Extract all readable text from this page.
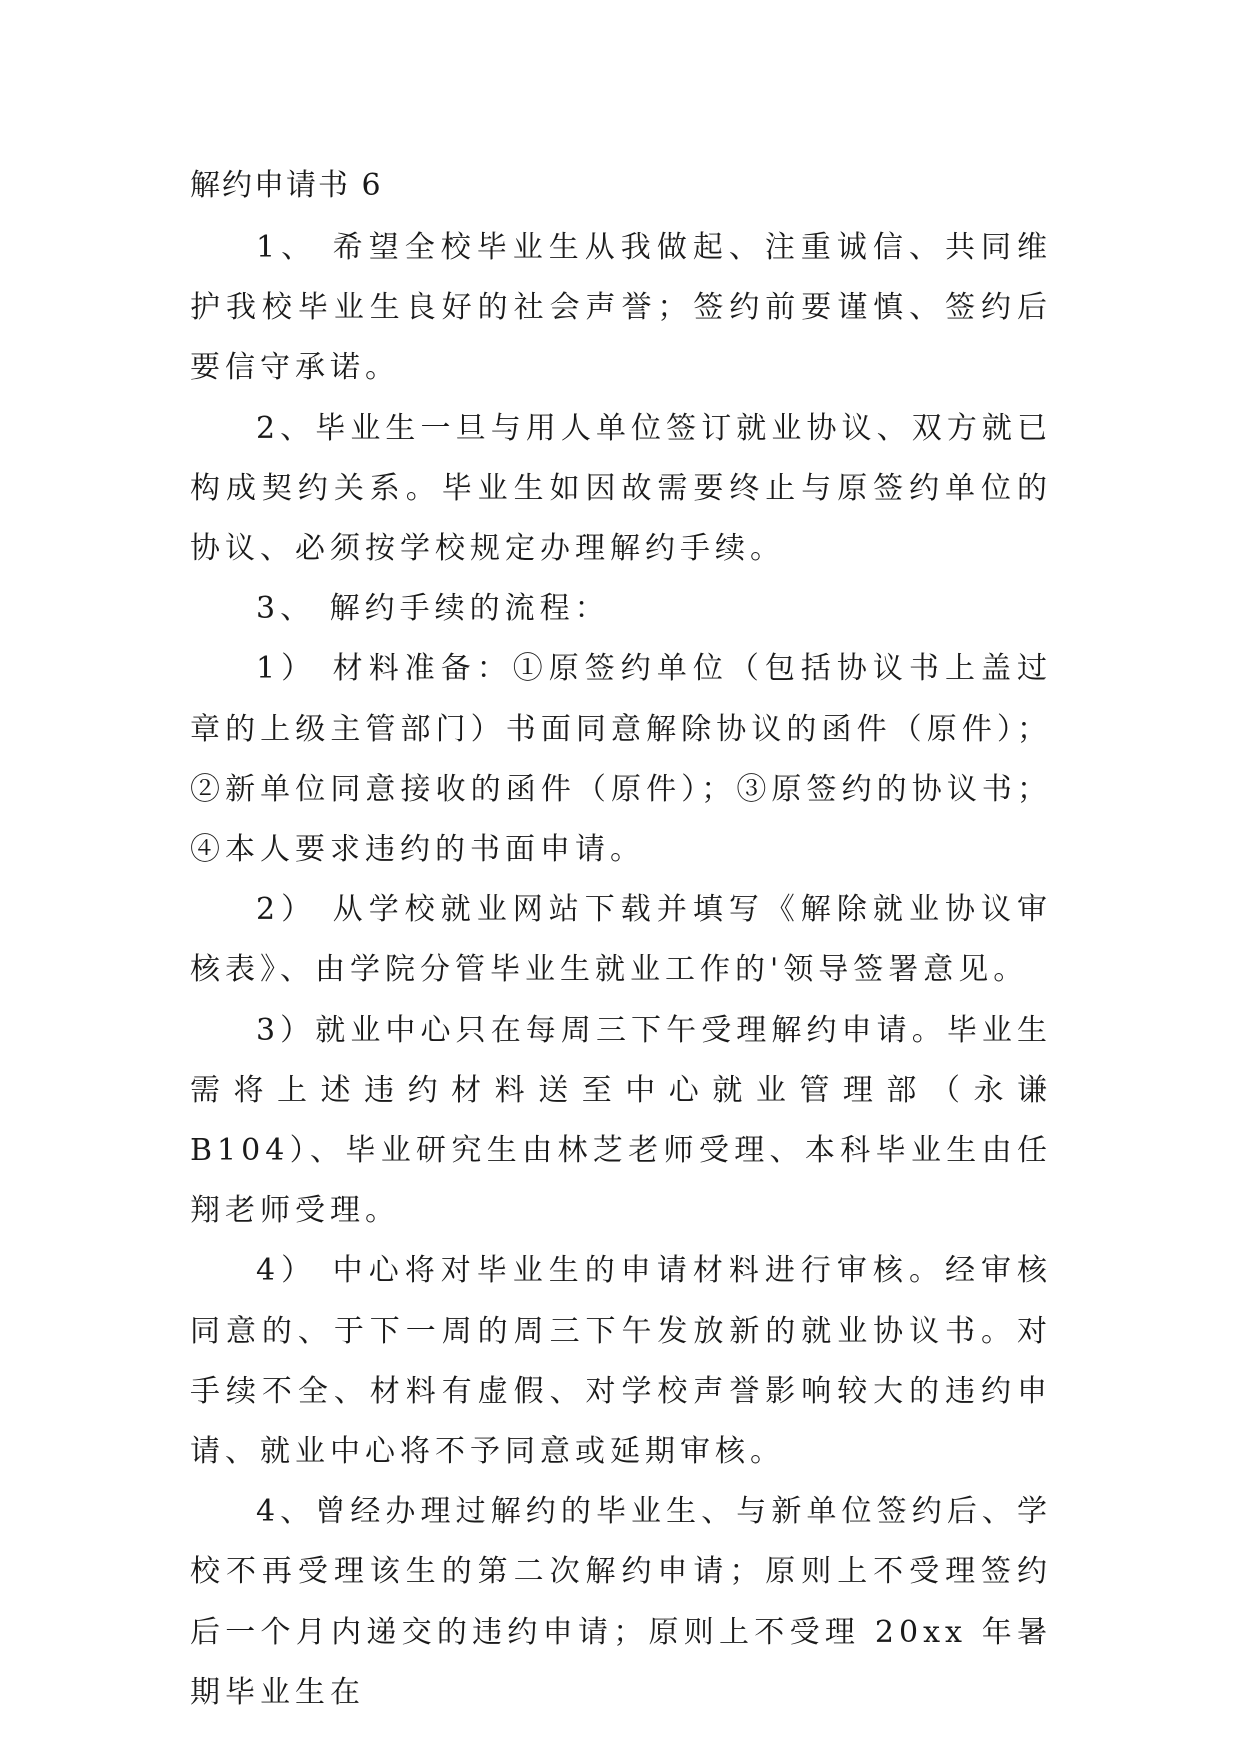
解约申请书 6

1、 希望全校毕业生从我做起、注重诚信、共同维护我校毕业生良好的社会声誉；签约前要谨慎、签约后要信守承诺。

2、毕业生一旦与用人单位签订就业协议、双方就已构成契约关系。毕业生如因故需要终止与原签约单位的协议、必须按学校规定办理解约手续。

3、 解约手续的流程：

1） 材料准备：①原签约单位（包括协议书上盖过章的上级主管部门）书面同意解除协议的函件（原件）；②新单位同意接收的函件（原件）；③原签约的协议书；④本人要求违约的书面申请。

2） 从学校就业网站下载并填写《解除就业协议审核表》、由学院分管毕业生就业工作的'领导签署意见。

3）就业中心只在每周三下午受理解约申请。毕业生需将上述违约材料送至中心就业管理部（永谦 B104）、毕业研究生由林芝老师受理、本科毕业生由任翔老师受理。

4） 中心将对毕业生的申请材料进行审核。经审核同意的、于下一周的周三下午发放新的就业协议书。对手续不全、材料有虚假、对学校声誉影响较大的违约申请、就业中心将不予同意或延期审核。

4、曾经办理过解约的毕业生、与新单位签约后、学校不再受理该生的第二次解约申请；原则上不受理签约后一个月内递交的违约申请；原则上不受理 20xx 年暑期毕业生在
